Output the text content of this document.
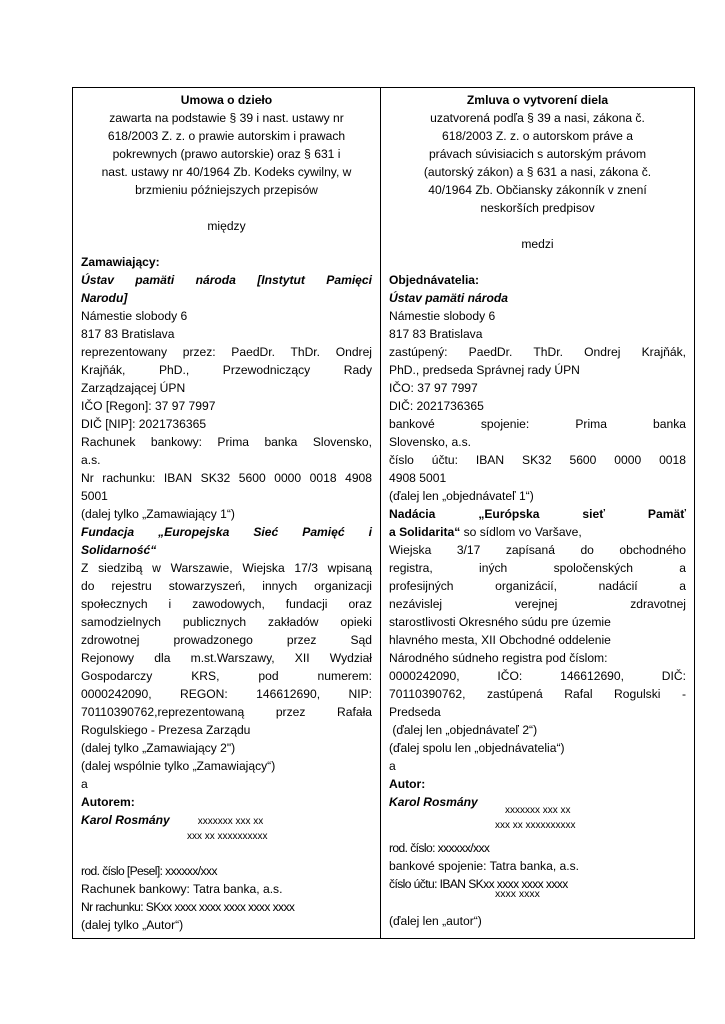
Umowa o dzieło
zawarta na podstawie § 39 i nast. ustawy nr
618/2003 Z. z. o prawie autorskim i prawach
pokrewnych (prawo autorskie) oraz § 631 i
nast. ustawy nr 40/1964 Zb. Kodeks cywilny, w
brzmieniu późniejszych przepisów
między
Zamawiający:
Ústav pamäti národa [Instytut Pamięci
Narodu]
Námestie slobody 6
817 83 Bratislava
reprezentowany przez: PaedDr. ThDr. Ondrej
Krajňák, PhD., Przewodniczący Rady
Zarządzającej ÚPN
IČO [Regon]: 37 97 7997
DIČ [NIP]: 2021736365
Rachunek bankowy: Prima banka Slovensko,
a.s.
Nr rachunku: IBAN SK32 5600 0000 0018 4908
5001
(dalej tylko „Zamawiający 1“)
Fundacja „Europejska Sieć Pamięć i
Solidarność“
Z siedzibą w Warszawie, Wiejska 17/3 wpisaną
do rejestru stowarzyszeń, innych organizacji
społecznych i zawodowych, fundacji oraz
samodzielnych publicznych zakładów opieki
zdrowotnej prowadzonego przez Sąd
Rejonowy dla m.st.Warszawy, XII Wydział
Gospodarczy KRS, pod numerem:
0000242090, REGON: 146612690, NIP:
70110390762,reprezentowaną przez Rafała
Rogulskiego - Prezesa Zarządu
(dalej tylko „Zamawiający 2")
(dalej wspólnie tylko „Zamawiający“)
a
Autorem:
Karol Rosmány	xxxxxxx xxx xx
xxx xx xxxxxxxxxx
rod. číslo [Pesel]: xxxxxx/xxx
Rachunek bankowy: Tatra banka, a.s.
Nr rachunku: SKxx xxxx xxxx xxxx xxxx xxxx
(dalej tylko „Autor“)

Zmluva o vytvorení diela
uzatvorená podľa § 39 a nasi, zákona č.
618/2003 Z. z. o autorskom práve a
právach súvisiacich s autorským právom
(autorský zákon) a § 631 a nasi, zákona č.
40/1964 Zb. Občiansky zákonník v znení
neskorších predpisov
medzi
Objednávatelia:
Ústav pamäti národa
Námestie slobody 6
817 83 Bratislava
zastúpený: PaedDr. ThDr. Ondrej Krajňák,
PhD., predseda Správnej rady ÚPN
IČO: 37 97 7997
DIČ: 2021736365
bankové spojenie: Prima banka
Slovensko, a.s.
číslo účtu: IBAN SK32 5600 0000 0018
4908 5001
(ďalej len „objednávateľ 1“)
Nadácia „Európska sieť Pamäť
a Solidarita“ so sídlom vo Varšave,
Wiejska 3/17 zapísaná do obchodného
registra, iných spoločenských a
profesijných organizácií, nadácií a
nezávislej verejnej zdravotnej
starostlivosti Okresného súdu pre územie
hlavného mesta, XII Obchodné oddelenie
Národného súdneho registra pod číslom:
0000242090, IČO: 146612690, DIČ:
70110390762, zastúpená Rafal Rogulski -
Predseda
(ďalej len „objednávateľ 2“)
(ďalej spolu len „objednávatelia“)
a
Autor:
Karol Rosmány
xxxxxxx xxx xx
xxx xx xxxxxxxxxx
rod. číslo: xxxxxx/xxx
bankové spojenie: Tatra banka, a.s.
číslo účtu: IBAN SKxx xxxx xxxx xxxx
xxxx xxxx
(ďalej len „autor“)
